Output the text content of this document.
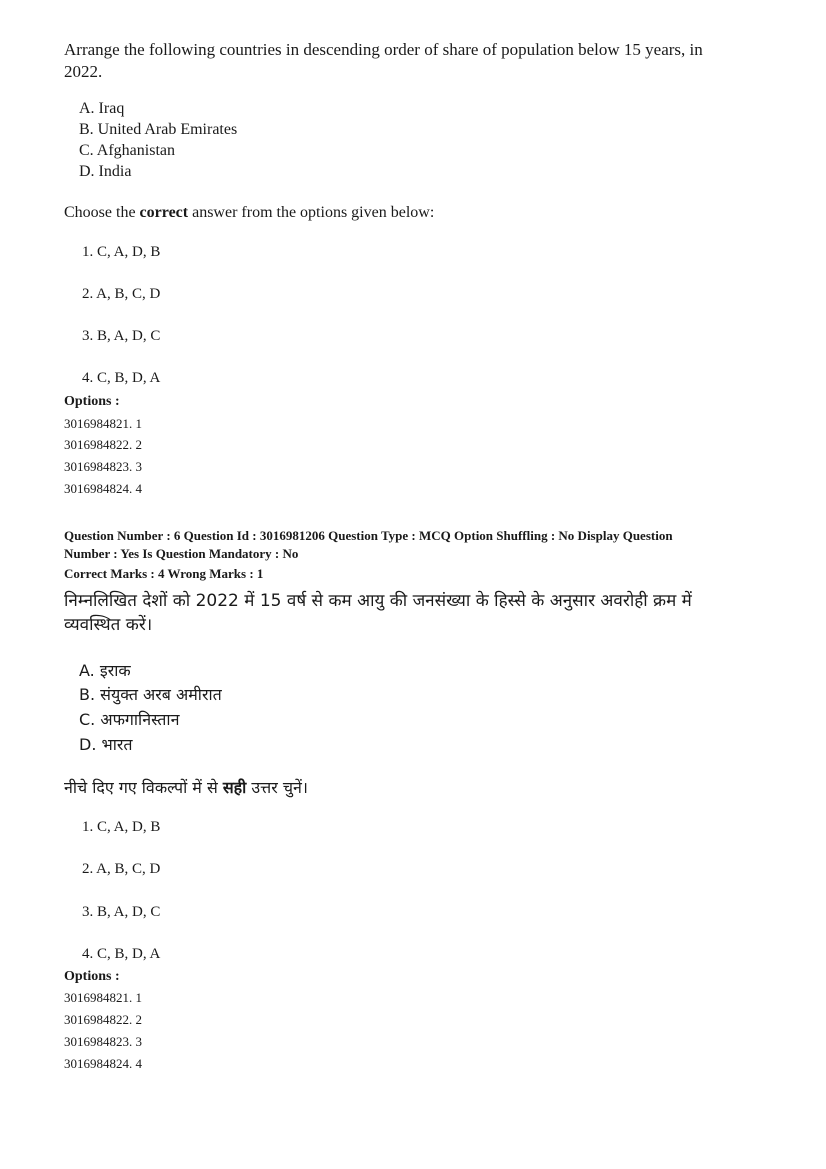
Arrange the following countries in descending order of share of population below 15 years, in
2022.
A. Iraq
B. United Arab Emirates
C. Afghanistan
D. India
Choose the correct answer from the options given below:
1. C, A, D, B
2. A, B, C, D
3. B, A, D, C
4. C, B, D, A
Options :
3016984821. 1
3016984822. 2
3016984823. 3
3016984824. 4
Question Number : 6 Question Id : 3016981206 Question Type : MCQ Option Shuffling : No Display Question
Number : Yes Is Question Mandatory : No
Correct Marks : 4 Wrong Marks : 1
निम्नलिखित देशों को 2022 में 15 वर्ष से कम आयु की जनसंख्या के हिस्से के अनुसार अवरोही क्रम में
व्यवस्थित करें।
A. इराक
B. संयुक्त अरब अमीरात
C. अफगानिस्तान
D. भारत
नीचे दिए गए विकल्पों में से सही उत्तर चुनें।
1. C, A, D, B
2. A, B, C, D
3. B, A, D, C
4. C, B, D, A
Options :
3016984821. 1
3016984822. 2
3016984823. 3
3016984824. 4
